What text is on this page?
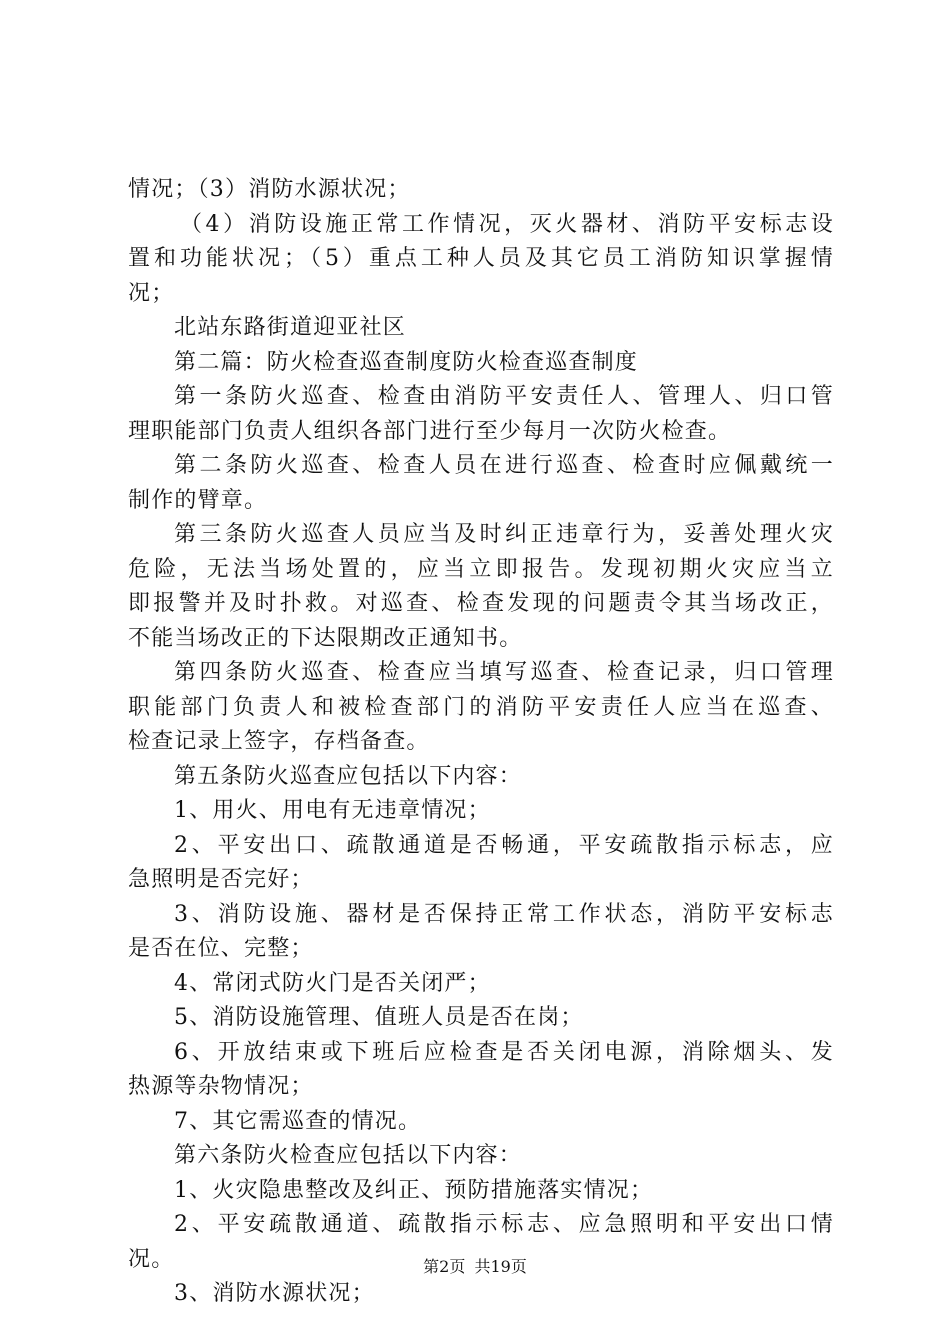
情况；（3）消防水源状况；
（4）消防设施正常工作情况，灭火器材、消防平安标志设
置和功能状况；（5）重点工种人员及其它员工消防知识掌握情
况；
北站东路街道迎亚社区
第二篇：防火检查巡查制度防火检查巡查制度
第一条防火巡查、检查由消防平安责任人、管理人、归口管
理职能部门负责人组织各部门进行至少每月一次防火检查。
第二条防火巡查、检查人员在进行巡查、检查时应佩戴统一
制作的臂章。
第三条防火巡查人员应当及时纠正违章行为，妥善处理火灾
危险，无法当场处置的，应当立即报告。发现初期火灾应当立
即报警并及时扑救。对巡查、检查发现的问题责令其当场改正，
不能当场改正的下达限期改正通知书。
第四条防火巡查、检查应当填写巡查、检查记录，归口管理
职能部门负责人和被检查部门的消防平安责任人应当在巡查、
检查记录上签字，存档备查。
第五条防火巡查应包括以下内容：
1、用火、用电有无违章情况；
2、平安出口、疏散通道是否畅通，平安疏散指示标志，应
急照明是否完好；
3、消防设施、器材是否保持正常工作状态，消防平安标志
是否在位、完整；
4、常闭式防火门是否关闭严；
5、消防设施管理、值班人员是否在岗；
6、开放结束或下班后应检查是否关闭电源，消除烟头、发
热源等杂物情况；
7、其它需巡查的情况。
第六条防火检查应包括以下内容：
1、火灾隐患整改及纠正、预防措施落实情况；
2、平安疏散通道、疏散指示标志、应急照明和平安出口情
况。
3、消防水源状况；
第2页 共19页
